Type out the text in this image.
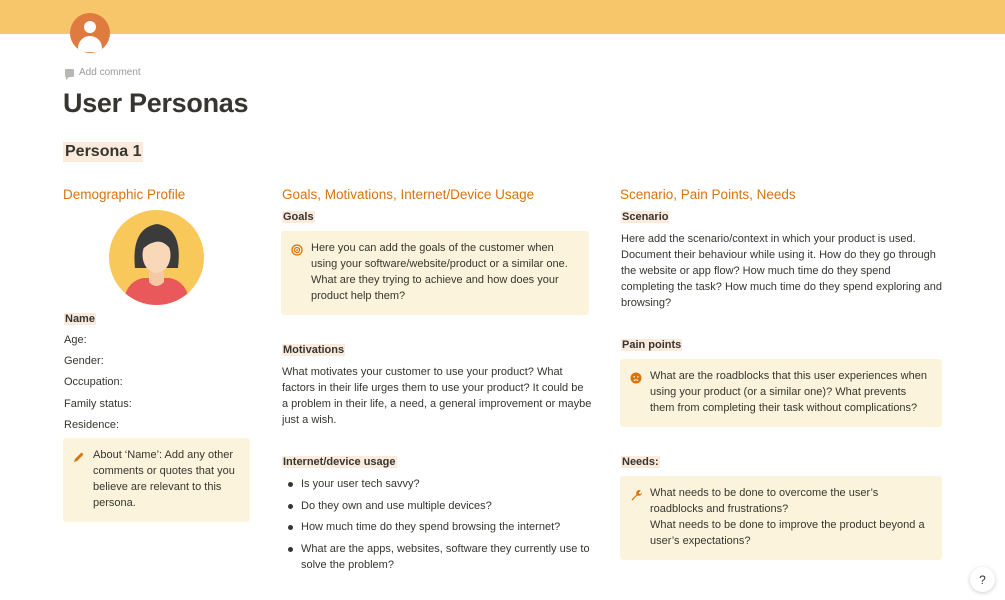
Add comment
User Personas
Persona 1
Demographic Profile
Name
Age:
Gender:
Occupation:
Family status:
Residence:
About ‘Name’: Add any other comments or quotes that you believe are relevant to this persona.
Goals, Motivations, Internet/Device Usage
Goals
Here you can add the goals of the customer when using your software/website/product or a similar one. What are they trying to achieve and how does your product help them?
Motivations
What motivates your customer to use your product? What factors in their life urges them to use your product? It could be a problem in their life, a need, a general improvement or maybe just a wish.
Internet/device usage
Is your user tech savvy?
Do they own and use multiple devices?
How much time do they spend browsing the internet?
What are the apps, websites, software they currently use to solve the problem?
Scenario, Pain Points, Needs
Scenario
Here add the scenario/context in which your product is used. Document their behaviour while using it. How do they go through the website or app flow? How much time do they spend completing the task? How much time do they spend exploring and browsing?
Pain points
What are the roadblocks that this user experiences when using your product (or a similar one)? What prevents them from completing their task without complications?
Needs:
What needs to be done to overcome the user’s roadblocks and frustrations?
What needs to be done to improve the product beyond a user’s expectations?
?
